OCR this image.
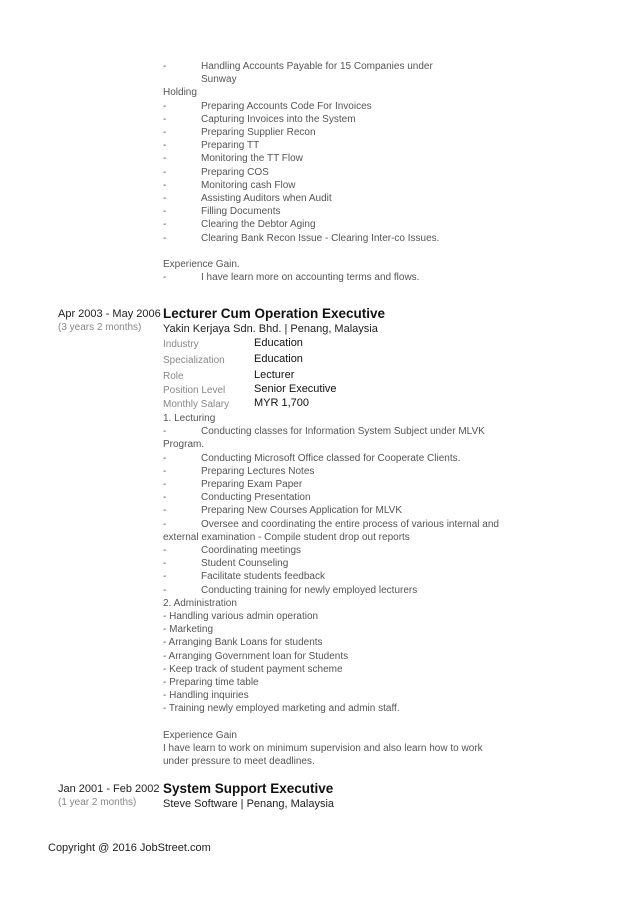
-	Handling Accounts Payable for 15 Companies under
Sunway
Holding
-	Preparing Accounts Code For Invoices
-	Capturing Invoices into the System
-	Preparing Supplier Recon
-	Preparing TT
-	Monitoring the TT Flow
-	Preparing COS
-	Monitoring cash Flow
-	Assisting Auditors when Audit
-	Filling Documents
-	Clearing the Debtor Aging
-	Clearing Bank Recon Issue - Clearing Inter-co Issues.
Experience Gain.
-	I have learn more on accounting terms and flows.
Apr 2003 - May 2006
(3 years 2 months)
Lecturer Cum Operation Executive
Yakin Kerjaya Sdn. Bhd. | Penang, Malaysia
Industry	Education
Specialization	Education
Role	Lecturer
Position Level	Senior Executive
Monthly Salary MYR 1,700
1. Lecturing
-	Conducting classes for Information System Subject under MLVK
Program.
-	Conducting Microsoft Office classed for Cooperate Clients.
-	Preparing Lectures Notes
-	Preparing Exam Paper
-	Conducting Presentation
-	Preparing New Courses Application for MLVK
-	Oversee and coordinating the entire process of various internal and
external examination - Compile student drop out reports
-	Coordinating meetings
-	Student Counseling
-	Facilitate students feedback
-	Conducting training for newly employed lecturers
2. Administration
- Handling various admin operation
- Marketing
- Arranging Bank Loans for students
- Arranging Government loan for Students
- Keep track of student payment scheme
- Preparing time table
- Handling inquiries
- Training newly employed marketing and admin staff.
Experience Gain
I have learn to work on minimum supervision and also learn how to work
under pressure to meet deadlines.
Jan 2001 - Feb 2002
(1 year 2 months)
System Support Executive
Steve Software | Penang, Malaysia
Copyright @ 2016 JobStreet.com
